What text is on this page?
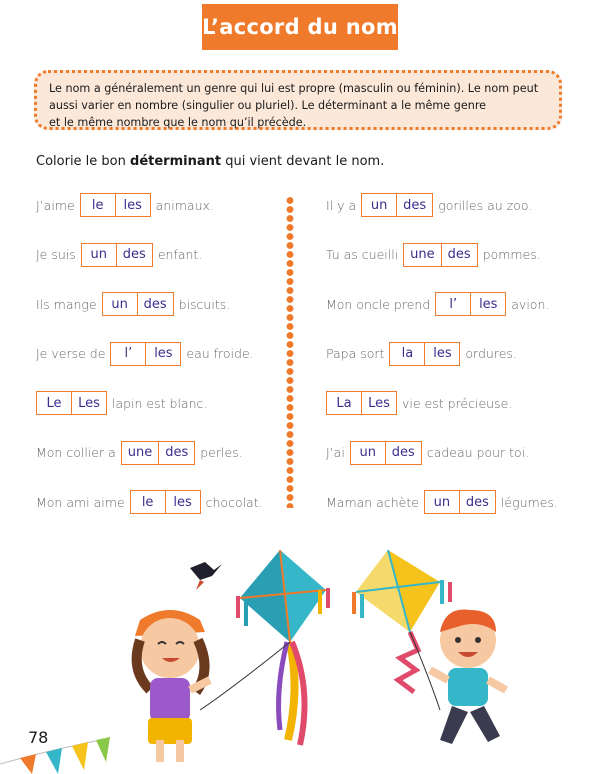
L’accord du nom
Le nom a généralement un genre qui lui est propre (masculin ou féminin). Le nom peut
aussi varier en nombre (singulier ou pluriel). Le déterminant a le même genre
et le même nombre que le nom qu’il précède.
Colorie le bon déterminant qui vient devant le nom.
J’aime	le	les	animaux.
Je suis	un	des enfant.
Ils mange	un	des biscuits.
Je verse de	l’	les	eau froide.
Le	Les lapin est blanc.
Mon collier a une	des perles.
Mon ami aime	le	les	chocolat.
Il y a	un	des gorilles au zoo.
Tu as cueilli une	des pommes.
Mon oncle prend	l’	les	avion.
Papa sort	la	les	ordures.
La	Les vie est précieuse.
J’ai	un	des cadeau pour toi.
Maman achète	un	des légumes.
78
